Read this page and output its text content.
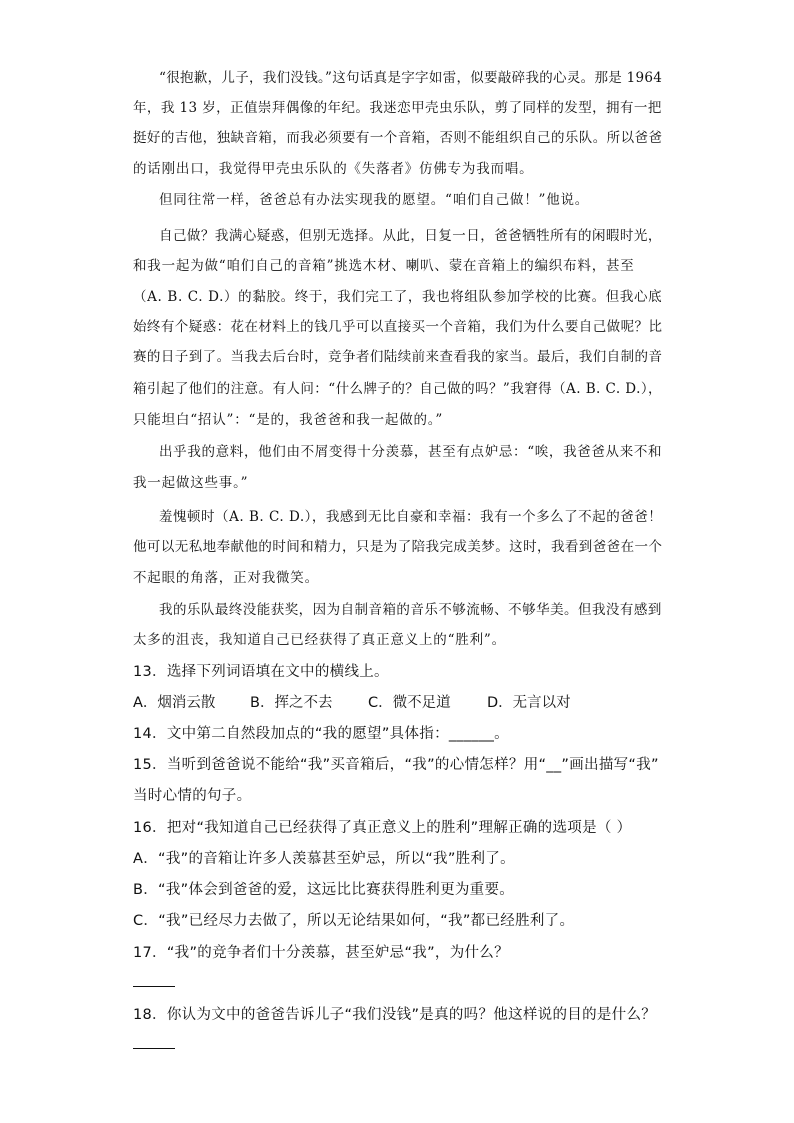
“很抱歉，儿子，我们没钱。”这句话真是字字如雷，似要敲碎我的心灵。那是 1964
年，我 13 岁，正值崇拜偶像的年纪。我迷恋甲壳虫乐队，剪了同样的发型，拥有一把
挺好的吉他，独缺音箱，而我必须要有一个音箱，否则不能组织自己的乐队。所以爸爸
的话刚出口，我觉得甲壳虫乐队的《失落者》仿佛专为我而唱。
但同往常一样，爸爸总有办法实现我的愿望。“咱们自己做！”他说。
自己做？我满心疑惑，但别无选择。从此，日复一日，爸爸牺牲所有的闲暇时光，
和我一起为做“咱们自己的音箱”挑选木材、喇叭、蒙在音箱上的编织布料，甚至
（A. B. C. D.）的黏胶。终于，我们完工了，我也将组队参加学校的比赛。但我心底
始终有个疑惑：花在材料上的钱几乎可以直接买一个音箱，我们为什么要自己做呢？比
赛的日子到了。当我去后台时，竞争者们陆续前来查看我的家当。最后，我们自制的音
箱引起了他们的注意。有人问：“什么牌子的？自己做的吗？”我窘得（A. B. C. D.），
只能坦白“招认”：“是的，我爸爸和我一起做的。”
出乎我的意料，他们由不屑变得十分羡慕，甚至有点妒忌：“唉，我爸爸从来不和
我一起做这些事。”
羞愧顿时（A. B. C. D.），我感到无比自豪和幸福：我有一个多么了不起的爸爸！
他可以无私地奉献他的时间和精力，只是为了陪我完成美梦。这时，我看到爸爸在一个
不起眼的角落，正对我微笑。
我的乐队最终没能获奖，因为自制音箱的音乐不够流畅、不够华美。但我没有感到
太多的沮丧，我知道自己已经获得了真正意义上的“胜利”。
13．选择下列词语填在文中的横线上。
A．烟消云散 B．挥之不去 C．微不足道	D．无言以对
14．文中第二自然段加点的“我的愿望”具体指：______。
15．当听到爸爸说不能给“我”买音箱后，“我”的心情怎样？用“__”画出描写“我”
当时心情的句子。
16．把对“我知道自己已经获得了真正意义上的胜利”理解正确的选项是（ ）
A．“我”的音箱让许多人羡慕甚至妒忌，所以“我”胜利了。
B．“我”体会到爸爸的爱，这远比比赛获得胜利更为重要。
C．“我”已经尽力去做了，所以无论结果如何，“我”都已经胜利了。
17．“我”的竞争者们十分羡慕，甚至妒忌“我”，为什么？
18．你认为文中的爸爸告诉儿子“我们没钱”是真的吗？他这样说的目的是什么？
